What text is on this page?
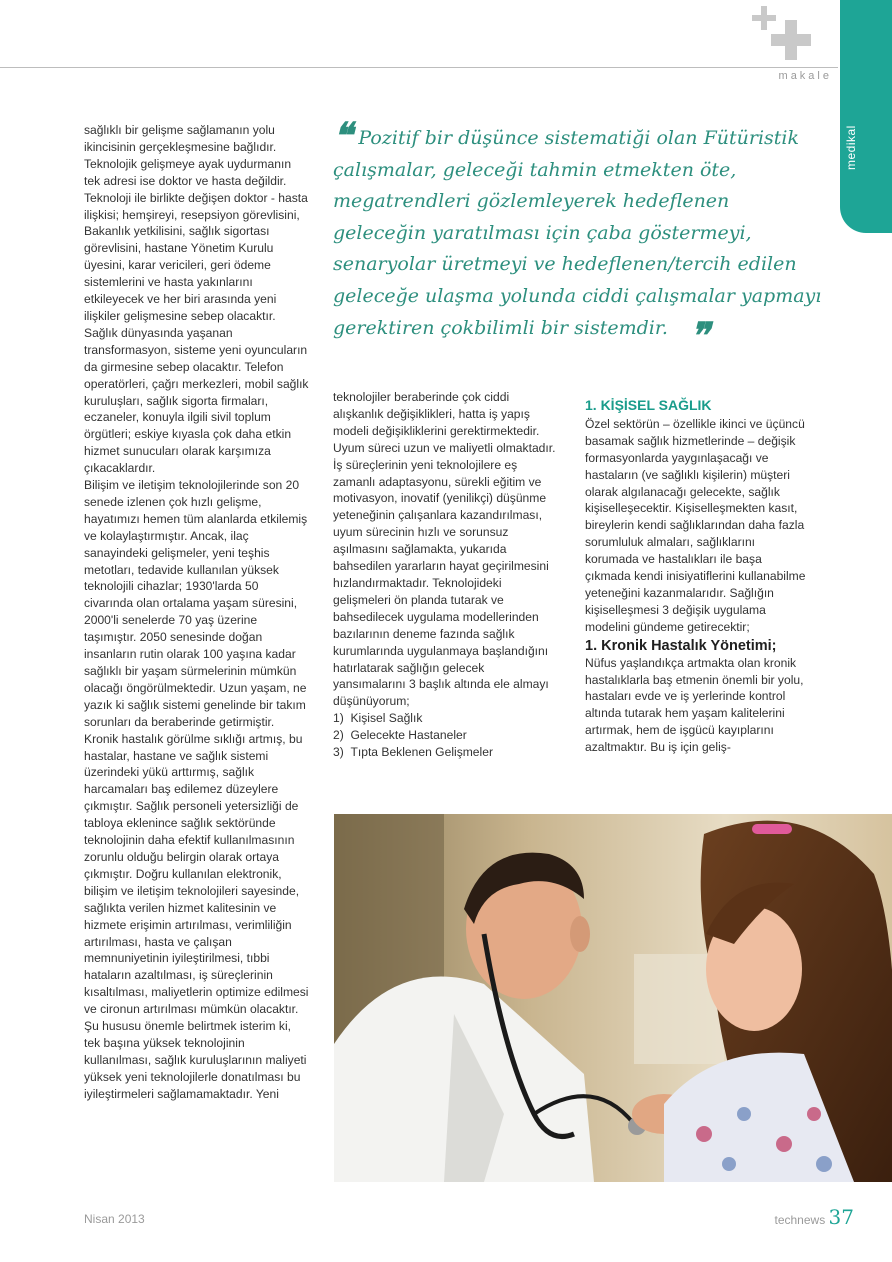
makale
medikal
❝ Pozitif bir düşünce sistematiği olan Fütüristik çalışmalar, geleceği tahmin etmekten öte, megatrendleri gözlemleyerek hedeflenen geleceğin yaratılması için çaba göstermeyi, senaryolar üretmeyi ve hedeflenen/tercih edilen geleceğe ulaşma yolunda ciddi çalışmalar yapmayı gerektiren çokbilimli bir sistemdir. ❞

sağlıklı bir gelişme sağlamanın yolu ikincisinin gerçekleşmesine bağlıdır. Teknolojik gelişmeye ayak uydurmanın tek adresi ise doktor ve hasta değildir. Teknoloji ile birlikte değişen doktor - hasta ilişkisi; hemşireyi, resepsiyon görevlisini, Bakanlık yetkilisini, sağlık sigortası görevlisini, hastane Yönetim Kurulu üyesini, karar vericileri, geri ödeme sistemlerini ve hasta yakınlarını etkileyecek ve her biri arasında yeni ilişkiler gelişmesine sebep olacaktır. Sağlık dünyasında yaşanan transformasyon, sisteme yeni oyuncuların da girmesine sebep olacaktır. Telefon operatörleri, çağrı merkezleri, mobil sağlık kuruluşları, sağlık sigorta firmaları, eczaneler, konuyla ilgili sivil toplum örgütleri; eskiye kıyasla çok daha etkin hizmet sunucuları olarak karşımıza çıkacaklardır.

Bilişim ve iletişim teknolojilerinde son 20 senede izlenen çok hızlı gelişme, hayatımızı hemen tüm alanlarda etkilemiş ve kolaylaştırmıştır. Ancak, ilaç sanayindeki gelişmeler, yeni teşhis metotları, tedavide kullanılan yüksek teknolojili cihazlar; 1930'larda 50 civarında olan ortalama yaşam süresini, 2000'li senelerde 70 yaş üzerine taşımıştır. 2050 senesinde doğan insanların rutin olarak 100 yaşına kadar sağlıklı bir yaşam sürmelerinin mümkün olacağı öngörülmektedir. Uzun yaşam, ne yazık ki sağlık sistemi genelinde bir takım sorunları da beraberinde getirmiştir. Kronik hastalık görülme sıklığı artmış, bu hastalar, hastane ve sağlık sistemi üzerindeki yükü arttırmış, sağlık harcamaları baş edilemez düzeylere çıkmıştır. Sağlık personeli yetersizliği de tabloya eklenince sağlık sektöründe teknolojinin daha efektif kullanılmasının zorunlu olduğu belirgin olarak ortaya çıkmıştır. Doğru kullanılan elektronik, bilişim ve iletişim teknolojileri sayesinde, sağlıkta verilen hizmet kalitesinin ve hizmete erişimin artırılması, verimliliğin artırılması, hasta ve çalışan memnuniyetinin iyileştirilmesi, tıbbi hataların azaltılması, iş süreçlerinin kısaltılması, maliyetlerin optimize edilmesi ve cironun artırılması mümkün olacaktır. Şu hususu önemle belirtmek isterim ki, tek başına yüksek teknolojinin kullanılması, sağlık kuruluşlarının maliyeti yüksek yeni teknolojilerle donatılması bu iyileştirmeleri sağlamamaktadır. Yeni

teknolojiler beraberinde çok ciddi alışkanlık değişiklikleri, hatta iş yapış modeli değişikliklerini gerektirmektedir. Uyum süreci uzun ve maliyetli olmaktadır. İş süreçlerinin yeni teknolojilere eş zamanlı adaptasyonu, sürekli eğitim ve motivasyon, inovatif (yenilikçi) düşünme yeteneğinin çalışanlara kazandırılması, uyum sürecinin hızlı ve sorunsuz aşılmasını sağlamakta, yukarıda bahsedilen yararların hayat geçirilmesini hızlandırmaktadır. Teknolojideki gelişmeleri ön planda tutarak ve bahsedilecek uygulama modellerinden bazılarının deneme fazında sağlık kurumlarında uygulanmaya başlandığını hatırlatarak sağlığın gelecek yansımalarını 3 başlık altında ele almayı düşünüyorum;

1)  Kişisel Sağlık
2)  Gelecekte Hastaneler
3)  Tıpta Beklenen Gelişmeler
1. KİŞİSEL SAĞLIK

Özel sektörün – özellikle ikinci ve üçüncü basamak sağlık hizmetlerinde – değişik formasyonlarda yaygınlaşacağı ve hastaların (ve sağlıklı kişilerin) müşteri olarak algılanacağı gelecekte, sağlık kişiselleşecektir. Kişiselleşmekten kasıt, bireylerin kendi sağlıklarından daha fazla sorumluluk almaları, sağlıklarını korumada ve hastalıkları ile başa çıkmada kendi inisiyatiflerini kullanabilme yeteneğini kazanmalarıdır. Sağlığın kişiselleşmesi 3 değişik uygulama modelini gündeme getirecektir;

1. Kronik Hastalık Yönetimi;

Nüfus yaşlandıkça artmakta olan kronik hastalıklarla baş etmenin önemli bir yolu, hastaları evde ve iş yerlerinde kontrol altında tutarak hem yaşam kalitelerini artırmak, hem de işgücü kayıplarını azaltmaktır. Bu iş için geliş-

Nisan 2013	technews 37
